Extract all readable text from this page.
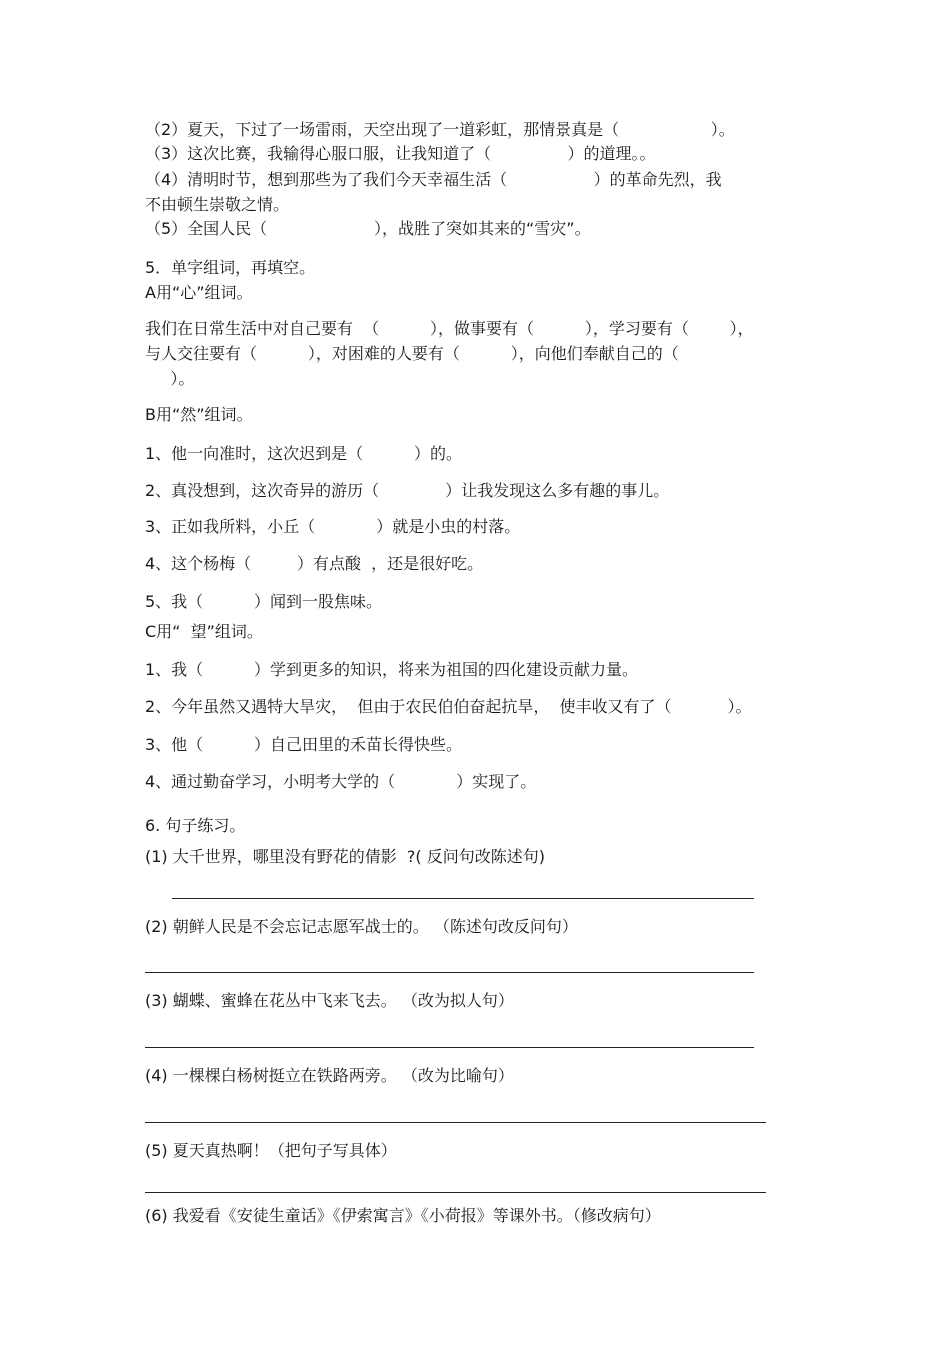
（2）夏天，下过了一场雷雨，天空出现了一道彩虹，那情景真是（                  ）。
（3）这次比赛，我输得心服口服，让我知道了（               ）的道理。。
（4）清明时节，想到那些为了我们今天幸福生活（                 ）的革命先烈，我
不由顿生崇敬之情。
（5）全国人民（                     ），战胜了突如其来的“雪灾”。
5．单字组词，再填空。
A用“心”组词。
我们在日常生活中对自己要有  （          ），做事要有（          ），学习要有（        ），
与人交往要有（          ），对困难的人要有（          ），向他们奉献自己的（
）。
B用“然”组词。
1、他一向准时，这次迟到是（          ）的。
2、真没想到，这次奇异的游历（             ）让我发现这么多有趣的事儿。
3、正如我所料，小丘（            ）就是小虫的村落。
4、这个杨梅（         ）有点酸  ，还是很好吃。
5、我（          ）闻到一股焦味。
C用“  望”组词。
1、我（          ）学到更多的知识，将来为祖国的四化建设贡献力量。
2、今年虽然又遇特大旱灾，  但由于农民伯伯奋起抗旱，  使丰收又有了（           ）。
3、他（          ）自己田里的禾苗长得快些。
4、通过勤奋学习，小明考大学的（            ）实现了。
6. 句子练习。
(1) 大千世界，哪里没有野花的倩影  ?( 反问句改陈述句)
(2) 朝鲜人民是不会忘记志愿军战士的。 （陈述句改反问句）
(3) 蝴蝶、蜜蜂在花丛中飞来飞去。 （改为拟人句）
(4) 一棵棵白杨树挺立在铁路两旁。 （改为比喻句）
(5) 夏天真热啊！（把句子写具体）
(6) 我爱看《安徒生童话》《伊索寓言》《小荷报》等课外书。（修改病句）
